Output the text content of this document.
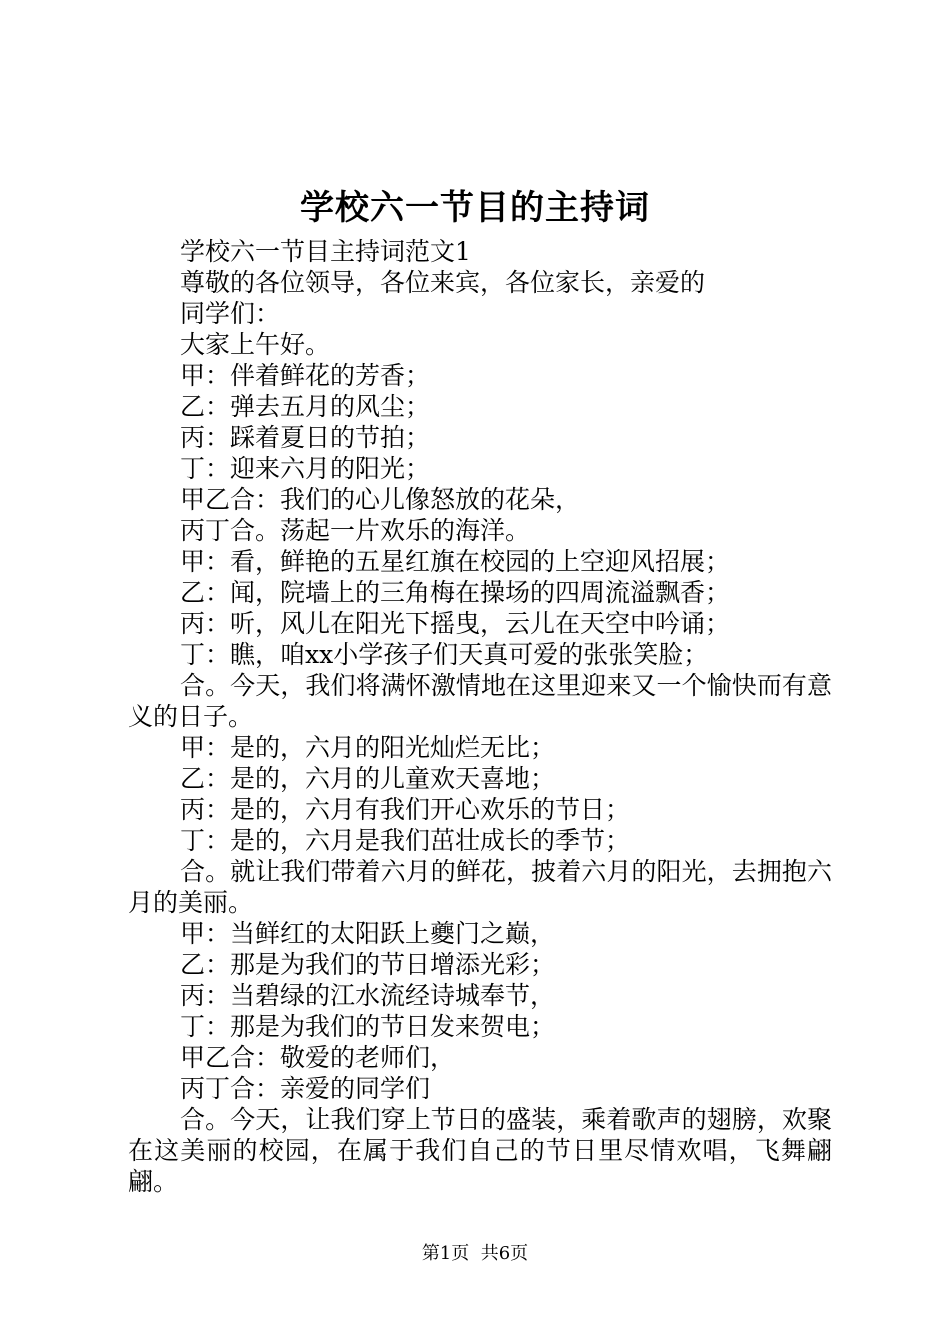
学校六一节目的主持词

学校六一节目主持词范文1

尊敬的各位领导，各位来宾，各位家长，亲爱的

同学们：

大家上午好。

甲：伴着鲜花的芳香；

乙：弹去五月的风尘；

丙：踩着夏日的节拍；

丁：迎来六月的阳光；

甲乙合：我们的心儿像怒放的花朵，

丙丁合。荡起一片欢乐的海洋。

甲：看，鲜艳的五星红旗在校园的上空迎风招展；

乙：闻，院墙上的三角梅在操场的四周流溢飘香；

丙：听，风儿在阳光下摇曳，云儿在天空中吟诵；

丁：瞧，咱xx小学孩子们天真可爱的张张笑脸；

合。今天，我们将满怀激情地在这里迎来又一个愉快而有意义的日子。

甲：是的，六月的阳光灿烂无比；

乙：是的，六月的儿童欢天喜地；

丙：是的，六月有我们开心欢乐的节日；

丁：是的，六月是我们茁壮成长的季节；

合。就让我们带着六月的鲜花，披着六月的阳光，去拥抱六月的美丽。

甲：当鲜红的太阳跃上夔门之巅，

乙：那是为我们的节日增添光彩；

丙：当碧绿的江水流经诗城奉节，

丁：那是为我们的节日发来贺电；

甲乙合：敬爱的老师们，

丙丁合：亲爱的同学们

合。今天，让我们穿上节日的盛装，乘着歌声的翅膀，欢聚在这美丽的校园，在属于我们自己的节日里尽情欢唱，飞舞翩翩。

第1页 共6页
